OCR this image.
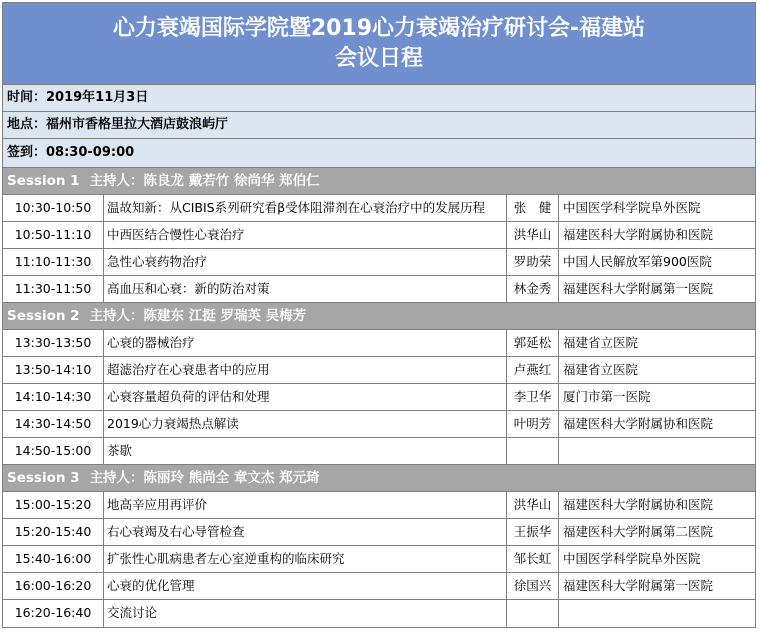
心力衰竭国际学院暨2019心力衰竭治疗研讨会-福建站
会议日程
时间：2019年11月3日
地点：福州市香格里拉大酒店鼓浪屿厅
签到：08:30-09:00
Session 1 主持人：陈良龙 戴若竹 徐尚华 郑伯仁
10:30-10:50	温故知新：从CIBIS系列研究看β受体阻滞剂在心衰治疗中的发展历程	张　健 中国医学科学院阜外医院
10:50-11:10	中西医结合慢性心衰治疗	洪华山 福建医科大学附属协和医院
11:10-11:30	急性心衰药物治疗	罗助荣 中国人民解放军第900医院
11:30-11:50	高血压和心衰：新的防治对策	林金秀 福建医科大学附属第一医院
Session 2 主持人：陈建东 江挺 罗瑞英 吴梅芳
13:30-13:50	心衰的器械治疗	郭延松 福建省立医院
13:50-14:10	超滤治疗在心衰患者中的应用	卢燕红 福建省立医院
14:10-14:30	心衰容量超负荷的评估和处理	李卫华 厦门市第一医院
14:30-14:50	2019心力衰竭热点解读	叶明芳 福建医科大学附属协和医院
14:50-15:00	茶歇
Session 3 主持人：陈丽玲 熊尚全 章文杰 郑元琦
15:00-15:20	地高辛应用再评价	洪华山 福建医科大学附属协和医院
15:20-15:40	右心衰竭及右心导管检查	王振华 福建医科大学附属第二医院
15:40-16:00	扩张性心肌病患者左心室逆重构的临床研究	邹长虹 中国医学科学院阜外医院
16:00-16:20	心衰的优化管理	徐国兴 福建医科大学附属第一医院
16:20-16:40	交流讨论
